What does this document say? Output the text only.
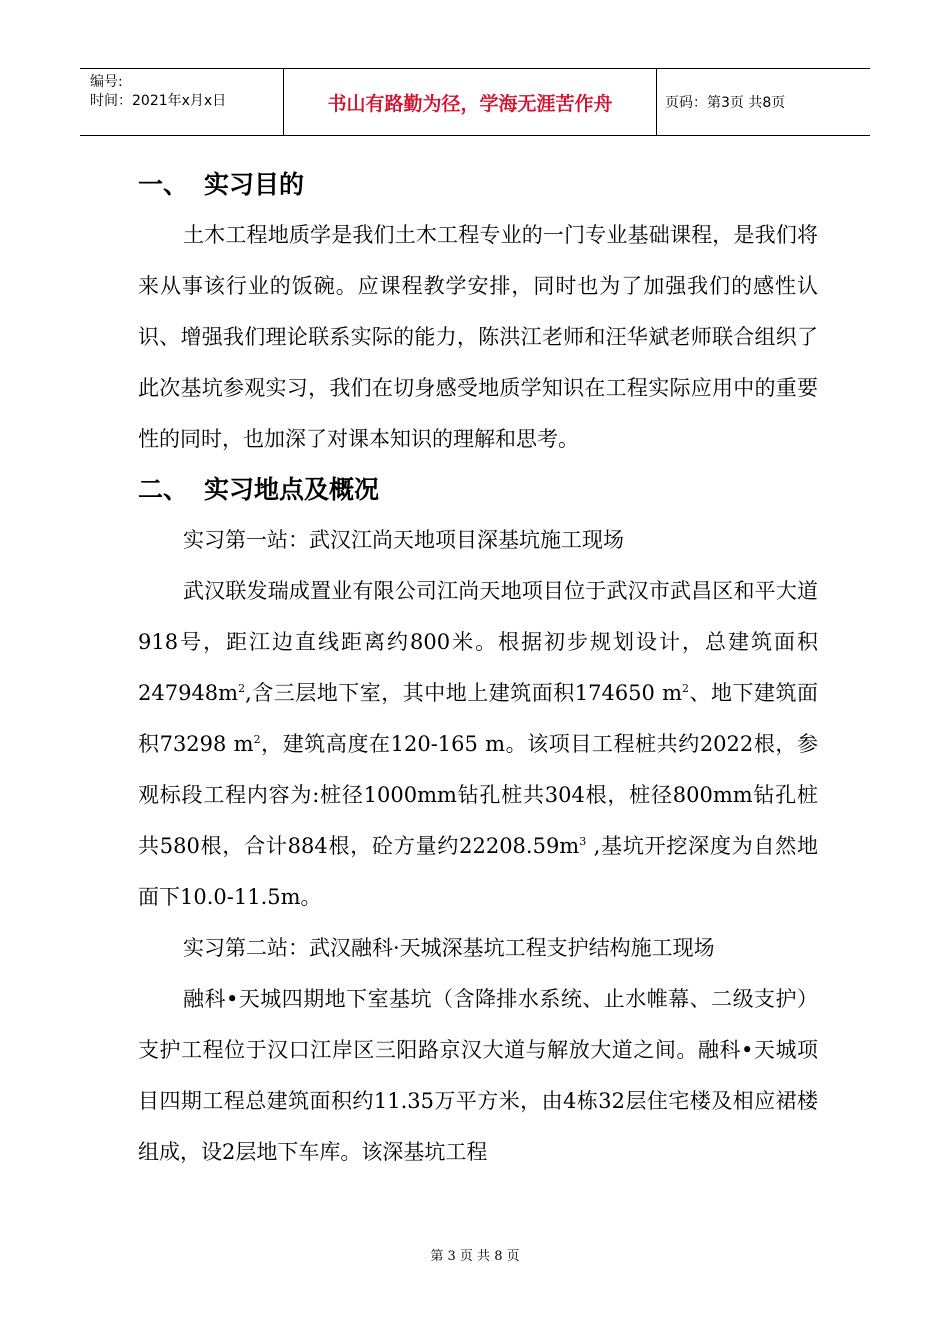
编号:
时间：2021年x月x日	书山有路勤为径，学海无涯苦作舟	页码：第3页 共8页
一、 实习目的

土木工程地质学是我们土木工程专业的一门专业基础课程，是我们将来从事该行业的饭碗。应课程教学安排，同时也为了加强我们的感性认识、增强我们理论联系实际的能力，陈洪江老师和汪华斌老师联合组织了此次基坑参观实习，我们在切身感受地质学知识在工程实际应用中的重要性的同时，也加深了对课本知识的理解和思考。

二、 实习地点及概况

实习第一站：武汉江尚天地项目深基坑施工现场

武汉联发瑞成置业有限公司江尚天地项目位于武汉市武昌区和平大道918号，距江边直线距离约800米。根据初步规划设计，总建筑面积$247948m^2$,含三层地下室，其中地上建筑面积174650 $m^2$、地下建筑面积73298 $m^2$，建筑高度在120-165 m。该项目工程桩共约2022根，参观标段工程内容为:桩径1000mm钻孔桩共304根，桩径800mm钻孔桩共580根，合计884根，砼方量约$22208.59m^3$ ,基坑开挖深度为自然地面下10.0-11.5m。

实习第二站：武汉融科·天城深基坑工程支护结构施工现场

融科•天城四期地下室基坑（含降排水系统、止水帷幕、二级支护）支护工程位于汉口江岸区三阳路京汉大道与解放大道之间。融科•天城项目四期工程总建筑面积约11.35万平方米，由4栋32层住宅楼及相应裙楼组成，设2层地下车库。该深基坑工程

第 3 页 共 8 页
